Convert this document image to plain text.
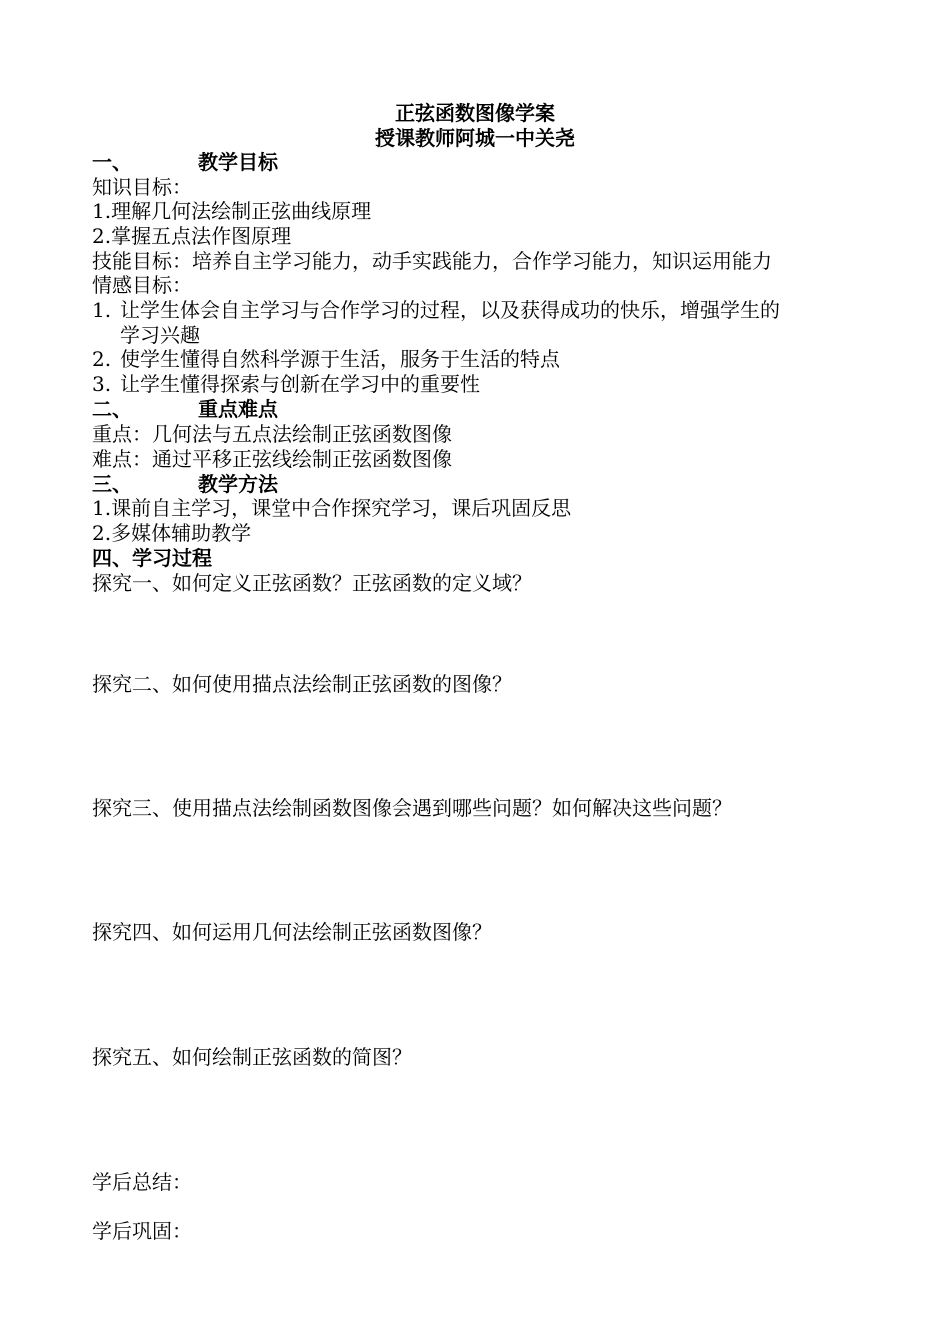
正弦函数图像学案
授课教师阿城一中关尧
一、	教学目标
知识目标：
1.理解几何法绘制正弦曲线原理
2.掌握五点法作图原理
技能目标：培养自主学习能力，动手实践能力，合作学习能力，知识运用能力
情感目标：
1. 让学生体会自主学习与合作学习的过程，以及获得成功的快乐，增强学生的
学习兴趣
2. 使学生懂得自然科学源于生活，服务于生活的特点
3. 让学生懂得探索与创新在学习中的重要性
二、	重点难点
重点：几何法与五点法绘制正弦函数图像
难点：通过平移正弦线绘制正弦函数图像
三、	教学方法
1.课前自主学习，课堂中合作探究学习，课后巩固反思
2.多媒体辅助教学
四、学习过程
探究一、如何定义正弦函数？正弦函数的定义域？
探究二、如何使用描点法绘制正弦函数的图像？
探究三、使用描点法绘制函数图像会遇到哪些问题？如何解决这些问题？
探究四、如何运用几何法绘制正弦函数图像？
探究五、如何绘制正弦函数的简图？
学后总结：
学后巩固：
